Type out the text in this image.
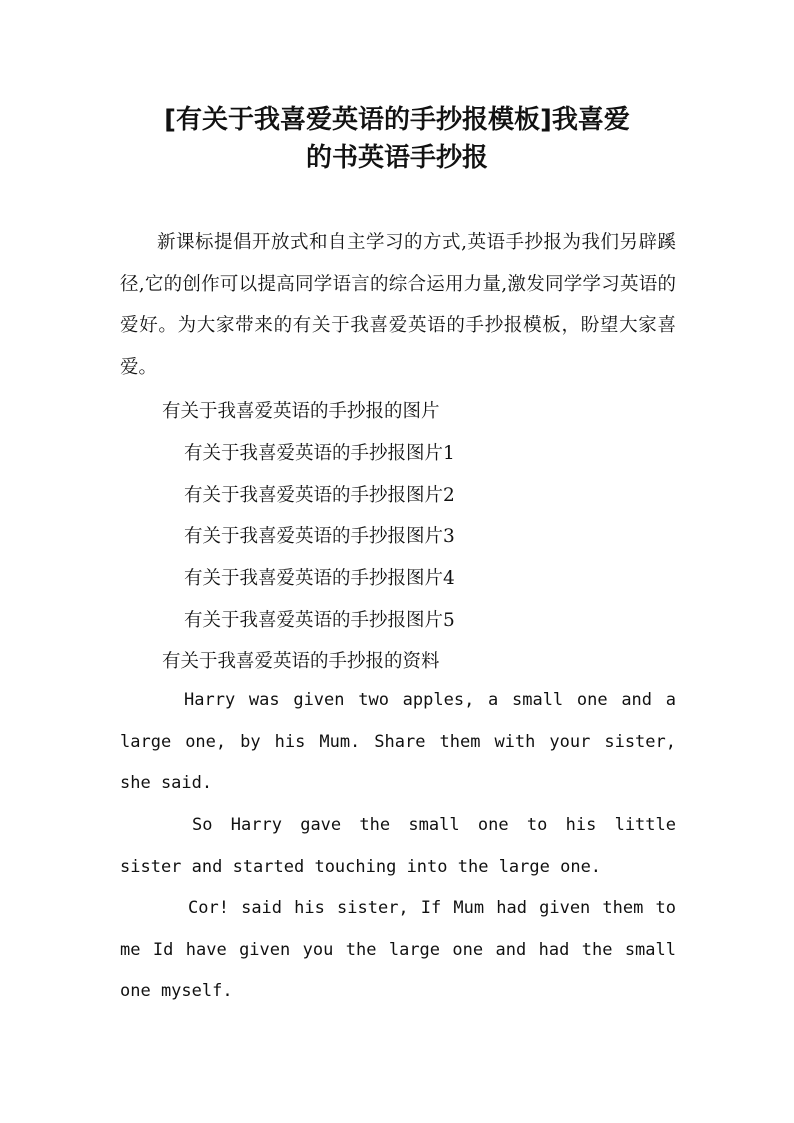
[有关于我喜爱英语的手抄报模板]我喜爱
的书英语手抄报
新课标提倡开放式和自主学习的方式,英语手抄报为我们另辟蹊径,它的创作可以提高同学语言的综合运用力量,激发同学学习英语的爱好。为大家带来的有关于我喜爱英语的手抄报模板，盼望大家喜爱。
有关于我喜爱英语的手抄报的图片
有关于我喜爱英语的手抄报图片1
有关于我喜爱英语的手抄报图片2
有关于我喜爱英语的手抄报图片3
有关于我喜爱英语的手抄报图片4
有关于我喜爱英语的手抄报图片5
有关于我喜爱英语的手抄报的资料
Harry was given two apples, a small one and a large one, by his Mum. Share them with your sister, she said.
So Harry gave the small one to his little sister and started touching into the large one.
Cor! said his sister, If Mum had given them to me Id have given you the large one and had the small one myself.
